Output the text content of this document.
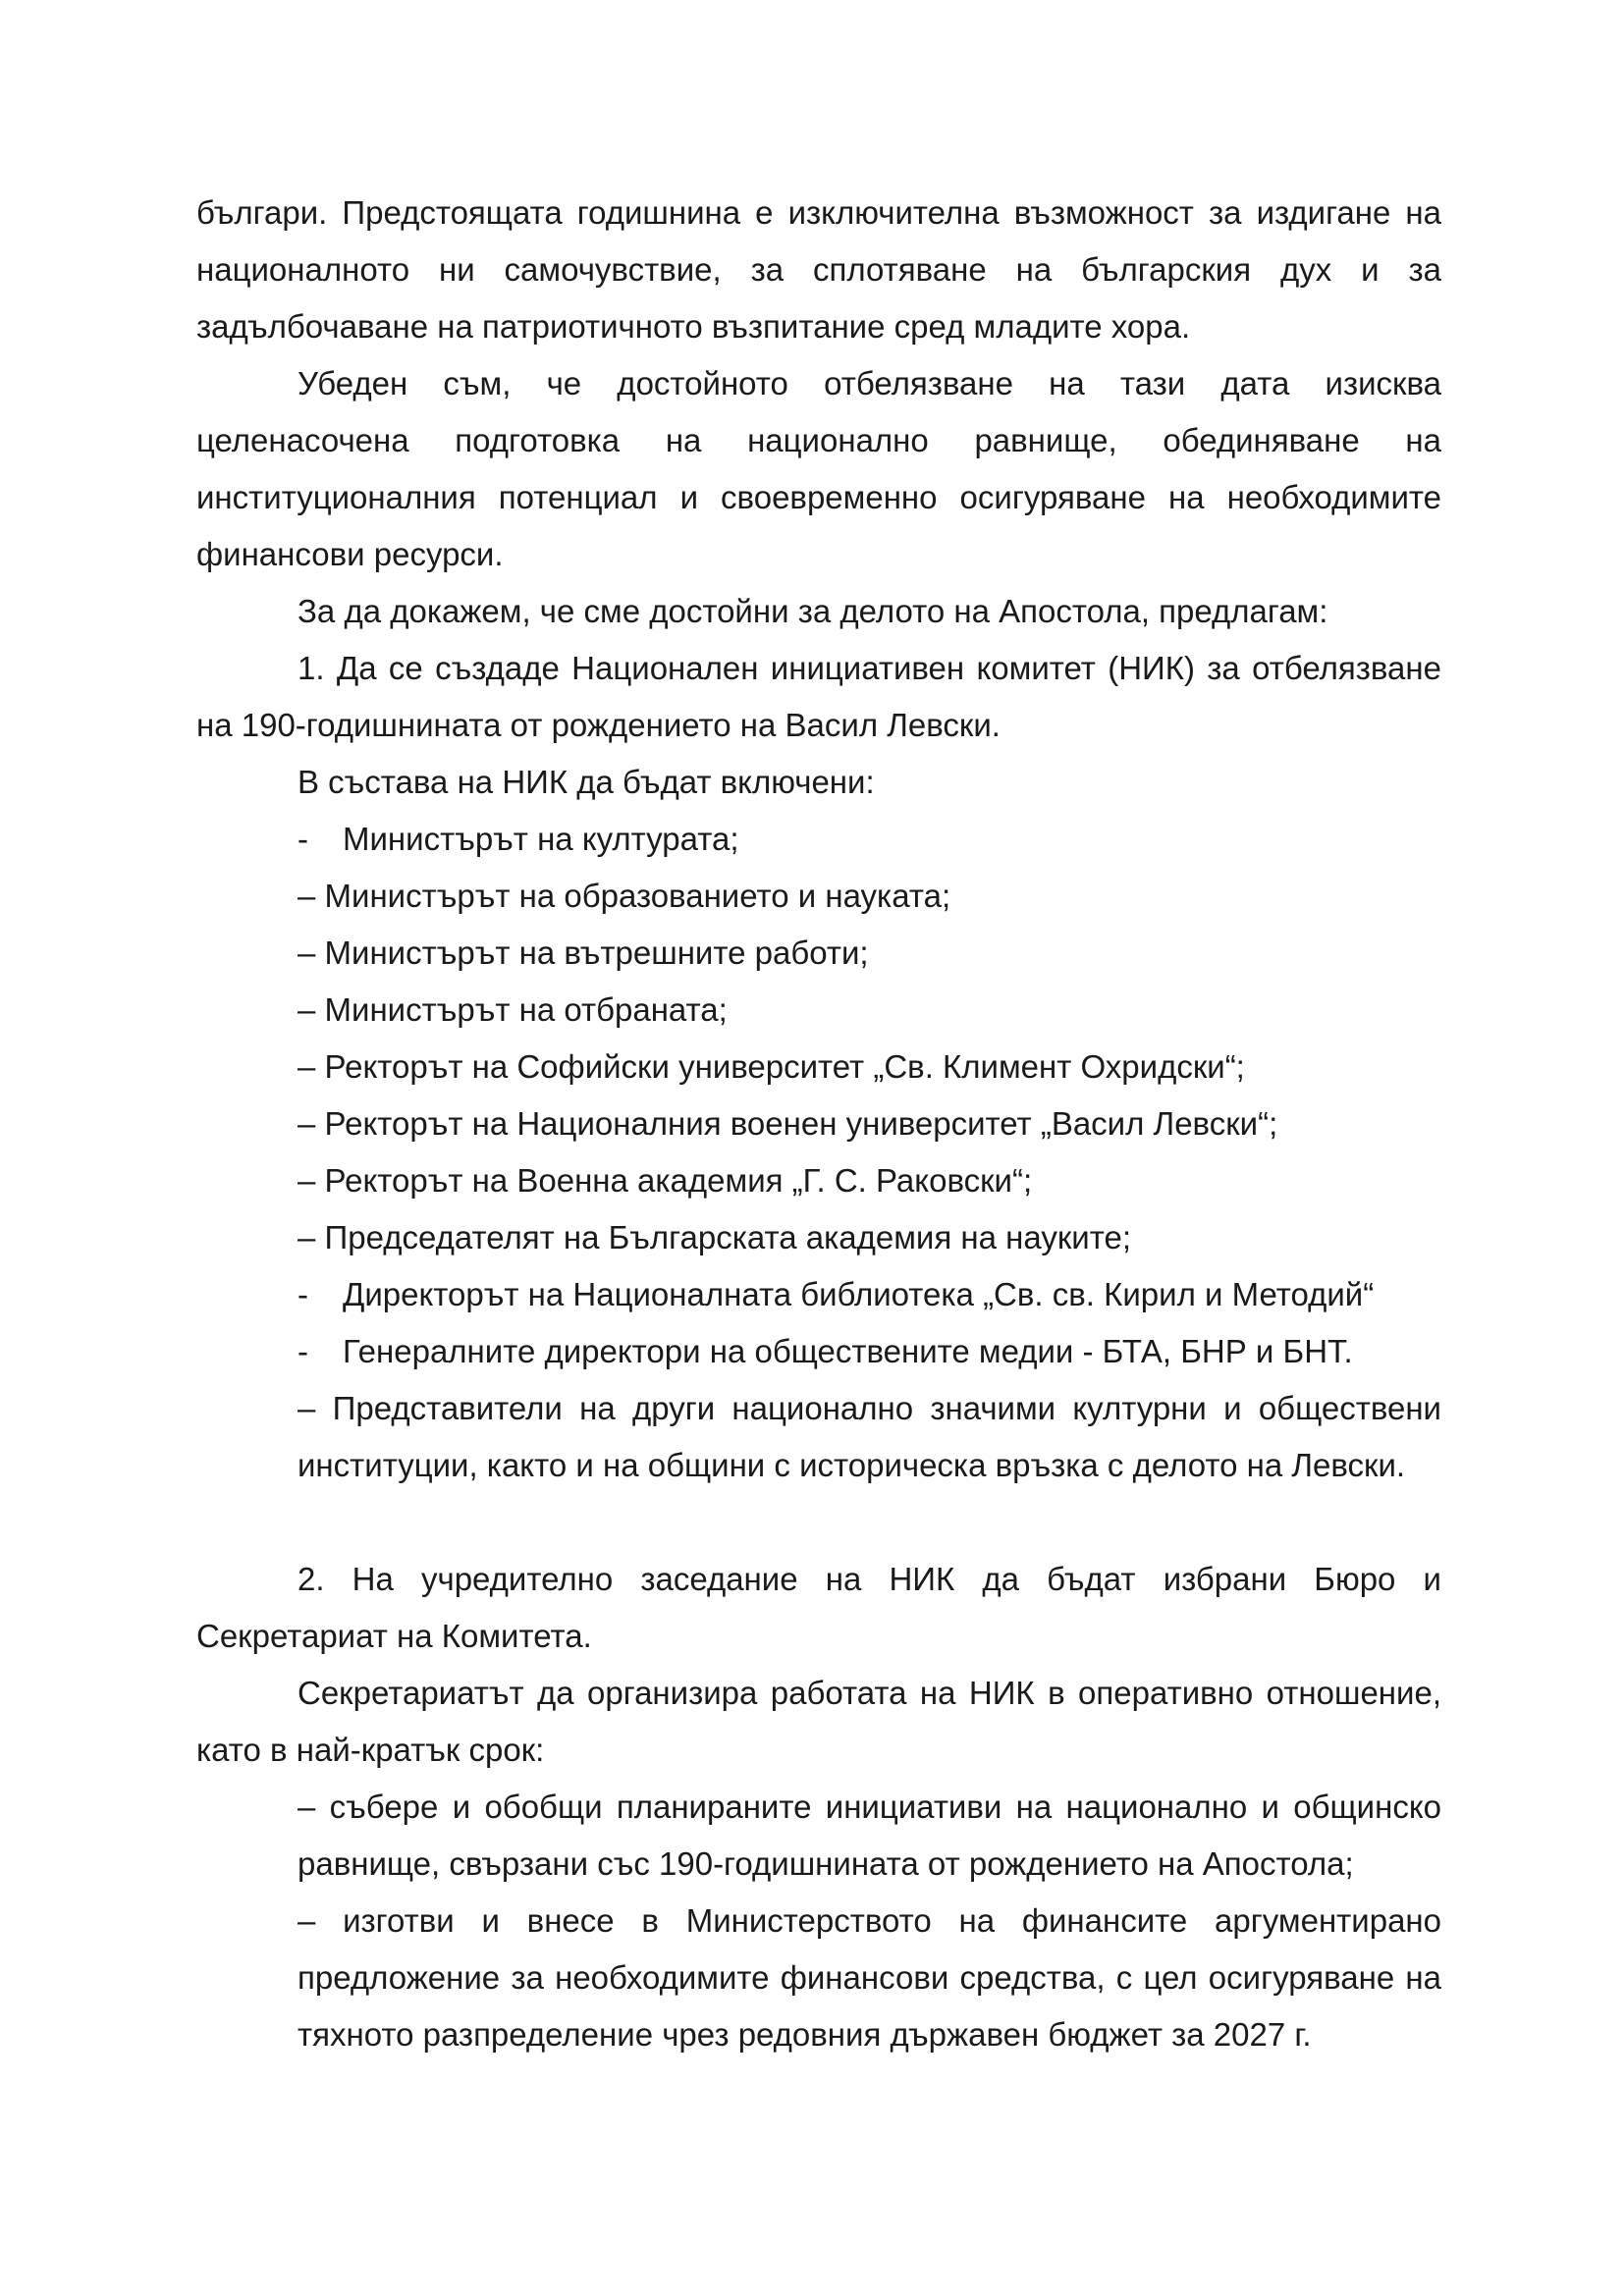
българи. Предстоящата годишнина е изключителна възможност за издигане на националното ни самочувствие, за сплотяване на българския дух и за задълбочаване на патриотичното възпитание сред младите хора.

Убеден съм, че достойното отбелязване на тази дата изисква целенасочена подготовка на национално равнище, обединяване на институционалния потенциал и своевременно осигуряване на необходимите финансови ресурси.

За да докажем, че сме достойни за делото на Апостола, предлагам:

1. Да се създаде Национален инициативен комитет (НИК) за отбелязване на 190-годишнината от рождението на Васил Левски.

В състава на НИК да бъдат включени:

- Министърът на културата;

– Министърът на образованието и науката;

– Министърът на вътрешните работи;

– Министърът на отбраната;

– Ректорът на Софийски университет „Св. Климент Охридски“;

– Ректорът на Националния военен университет „Васил Левски“;

– Ректорът на Военна академия „Г. С. Раковски“;

– Председателят на Българската академия на науките;

- Директорът на Националната библиотека „Св. св. Кирил и Методий“

- Генералните директори на обществените медии - БТА, БНР и БНТ.

– Представители на други национално значими културни и обществени институции, както и на общини с историческа връзка с делото на Левски.

2. На учредително заседание на НИК да бъдат избрани Бюро и Секретариат на Комитета.

Секретариатът да организира работата на НИК в оперативно отношение, като в най-кратък срок:

– събере и обобщи планираните инициативи на национално и общинско равнище, свързани със 190-годишнината от рождението на Апостола;

– изготви и внесе в Министерството на финансите аргументирано предложение за необходимите финансови средства, с цел осигуряване на тяхното разпределение чрез редовния държавен бюджет за 2027 г.
